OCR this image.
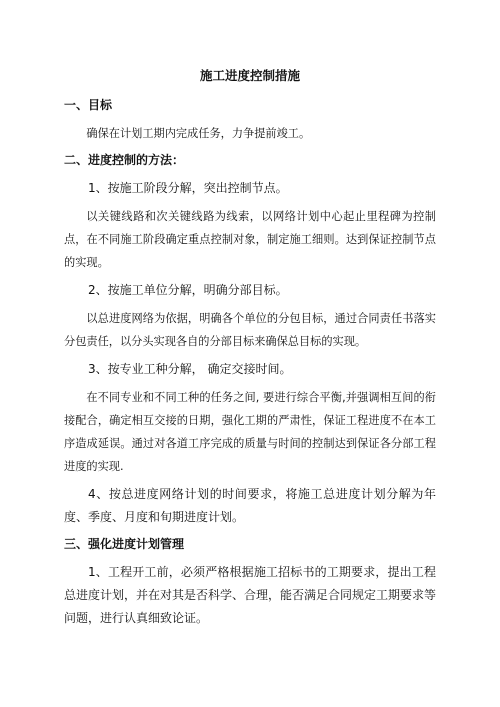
施工进度控制措施
一、目标
确保在计划工期内完成任务，力争提前竣工。
二、进度控制的方法：
1、按施工阶段分解，突出控制节点。
以关键线路和次关键线路为线索，以网络计划中心起止里程碑为控制点，在不同施工阶段确定重点控制对象，制定施工细则。达到保证控制节点的实现。
2、按施工单位分解，明确分部目标。
以总进度网络为依据，明确各个单位的分包目标，通过合同责任书落实分包责任，以分头实现各自的分部目标来确保总目标的实现。
3、按专业工种分解， 确定交接时间。
在不同专业和不同工种的任务之间, 要进行综合平衡,并强调相互间的衔接配合，确定相互交接的日期，强化工期的严肃性，保证工程进度不在本工序造成延误。通过对各道工序完成的质量与时间的控制达到保证各分部工程进度的实现.
4、按总进度网络计划的时间要求，将施工总进度计划分解为年度、季度、月度和旬期进度计划。
三、强化进度计划管理
1、工程开工前，必须严格根据施工招标书的工期要求，提出工程总进度计划，并在对其是否科学、合理，能否满足合同规定工期要求等问题，进行认真细致论证。
